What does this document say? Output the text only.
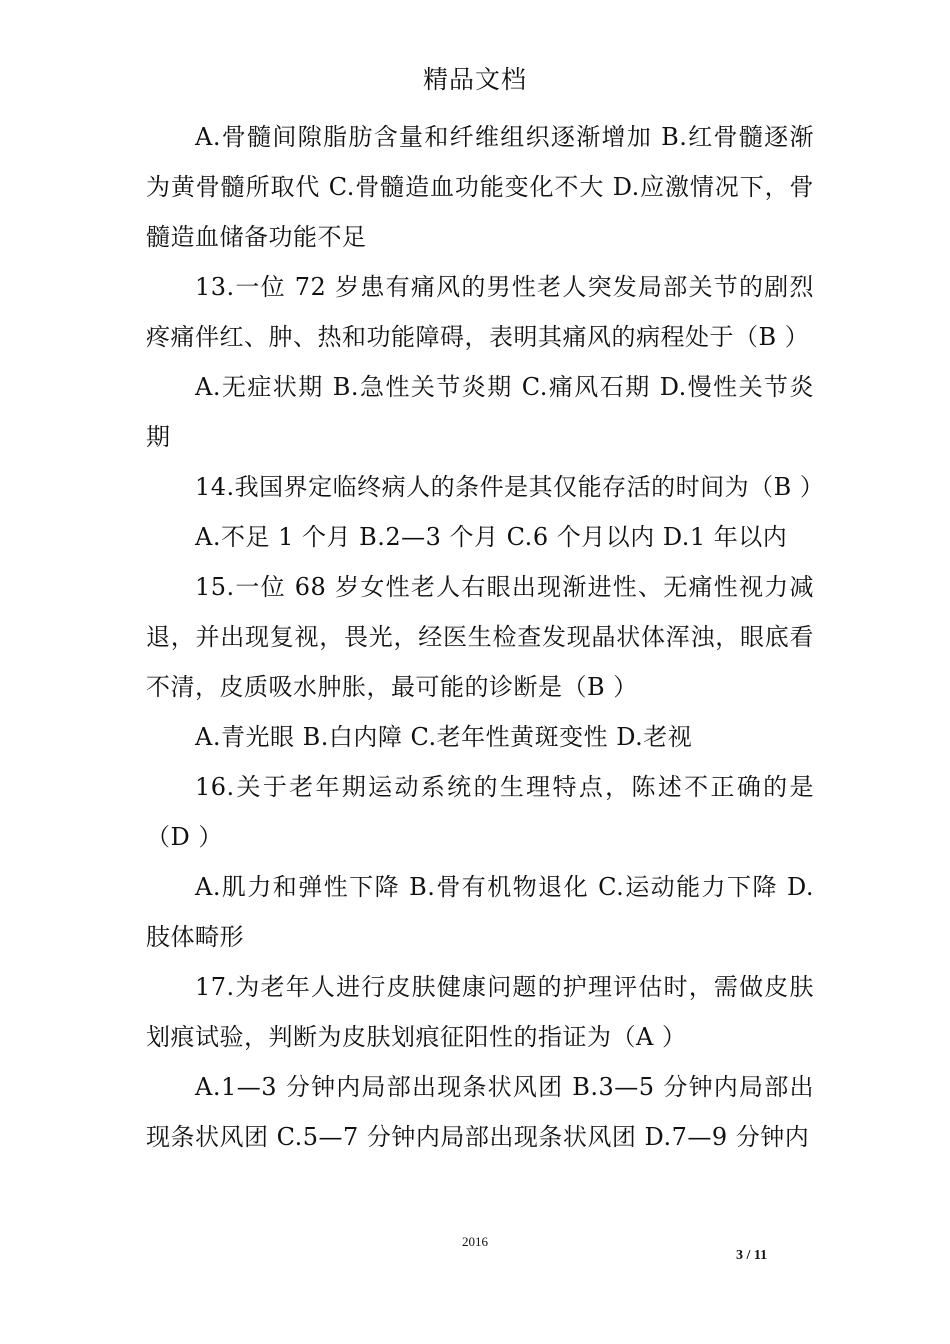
精品文档

A.骨髓间隙脂肪含量和纤维组织逐渐增加 B.红骨髓逐渐为黄骨髓所取代 C.骨髓造血功能变化不大 D.应激情况下，骨髓造血储备功能不足

13.一位 72 岁患有痛风的男性老人突发局部关节的剧烈疼痛伴红、肿、热和功能障碍，表明其痛风的病程处于（B ）

A.无症状期 B.急性关节炎期 C.痛风石期 D.慢性关节炎期

14.我国界定临终病人的条件是其仅能存活的时间为（B ）

A.不足 1 个月 B.2—3 个月 C.6 个月以内 D.1 年以内

15.一位 68 岁女性老人右眼出现渐进性、无痛性视力减退，并出现复视，畏光，经医生检查发现晶状体浑浊，眼底看不清，皮质吸水肿胀，最可能的诊断是（B ）

A.青光眼 B.白内障 C.老年性黄斑变性 D.老视

16.关于老年期运动系统的生理特点，陈述不正确的是（D ）

A.肌力和弹性下降 B.骨有机物退化 C.运动能力下降 D.肢体畸形

17.为老年人进行皮肤健康问题的护理评估时，需做皮肤划痕试验，判断为皮肤划痕征阳性的指证为（A ）

A.1—3 分钟内局部出现条状风团 B.3—5 分钟内局部出现条状风团 C.5—7 分钟内局部出现条状风团 D.7—9 分钟内

2016
3 / 11
